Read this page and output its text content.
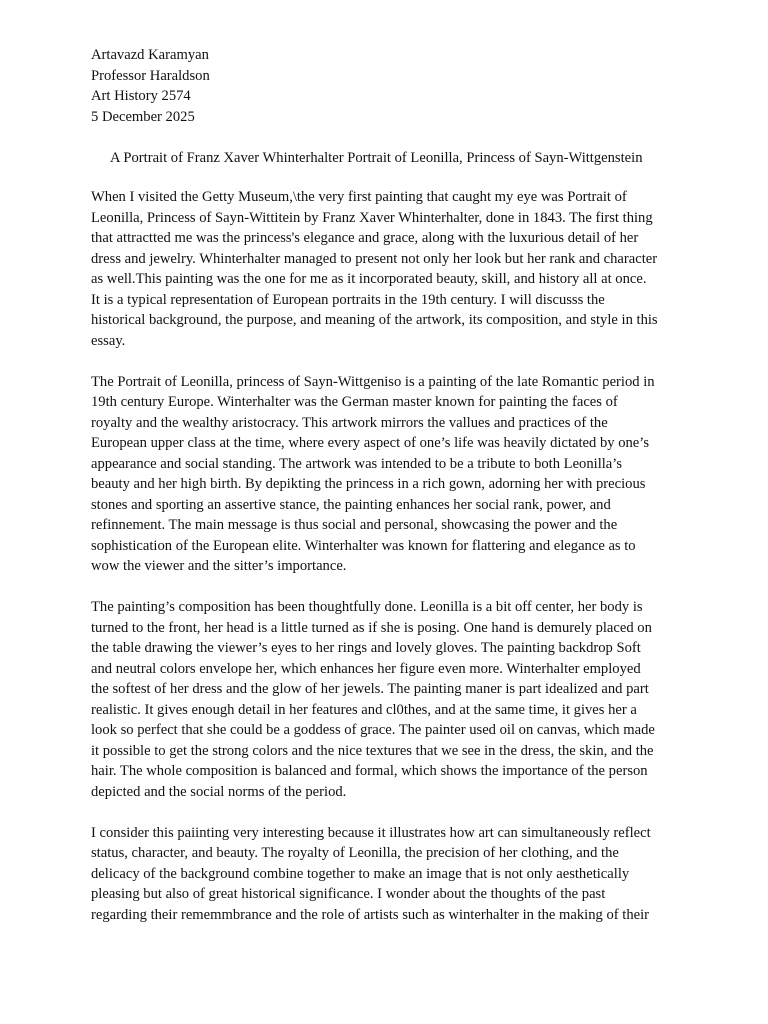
Artavazd Karamyan
Professor Haraldson
Art History 2574
5 December 2025
A Portrait of Franz Xaver Whinterhalter Portrait of Leonilla, Princess of Sayn-Wittgenstein
When I visited the Getty Museum,\the very first painting that caught my eye was Portrait of
Leonilla, Princess of Sayn-Wittitein by Franz Xaver Whinterhalter, done in 1843. The first thing
that attractted me was the princess's elegance and grace, along with the luxurious detail of her
dress and jewelry. Whinterhalter managed to present not only her look but her rank and character
as well.This painting was the one for me as it incorporated beauty, skill, and history all at once.
It is a typical representation of European portraits in the 19th century. I will discusss the
historical background, the purpose, and meaning of the artwork, its composition, and style in this
essay.
The Portrait of Leonilla, princess of Sayn-Wittgeniso is a painting of the late Romantic period in
19th century Europe. Winterhalter was the German master known for painting the faces of
royalty and the wealthy aristocracy. This artwork mirrors the vallues and practices of the
European upper class at the time, where every aspect of one’s life was heavily dictated by one’s
appearance and social standing. The artwork was intended to be a tribute to both Leonilla’s
beauty and her high birth. By depikting the princess in a rich gown, adorning her with precious
stones and sporting an assertive stance, the painting enhances her social rank, power, and
refinnement. The main message is thus social and personal, showcasing the power and the
sophistication of the European elite. Winterhalter was known for flattering and elegance as to
wow the viewer and the sitter’s importance.
The painting’s composition has been thoughtfully done. Leonilla is a bit off center, her body is
turned to the front, her head is a little turned as if she is posing. One hand is demurely placed on
the table drawing the viewer’s eyes to her rings and lovely gloves. The painting backdrop Soft
and neutral colors envelope her, which enhances her figure even more. Winterhalter employed
the softest of her dress and the glow of her jewels. The painting maner is part idealized and part
realistic. It gives enough detail in her features and cl0thes, and at the same time, it gives her a
look so perfect that she could be a goddess of grace. The painter used oil on canvas, which made
it possible to get the strong colors and the nice textures that we see in the dress, the skin, and the
hair. The whole composition is balanced and formal, which shows the importance of the person
depicted and the social norms of the period.
I consider this paiinting very interesting because it illustrates how art can simultaneously reflect
status, character, and beauty. The royalty of Leonilla, the precision of her clothing, and the
delicacy of the background combine together to make an image that is not only aesthetically
pleasing but also of great historical significance. I wonder about the thoughts of the past
regarding their rememmbrance and the role of artists such as winterhalter in the making of their
